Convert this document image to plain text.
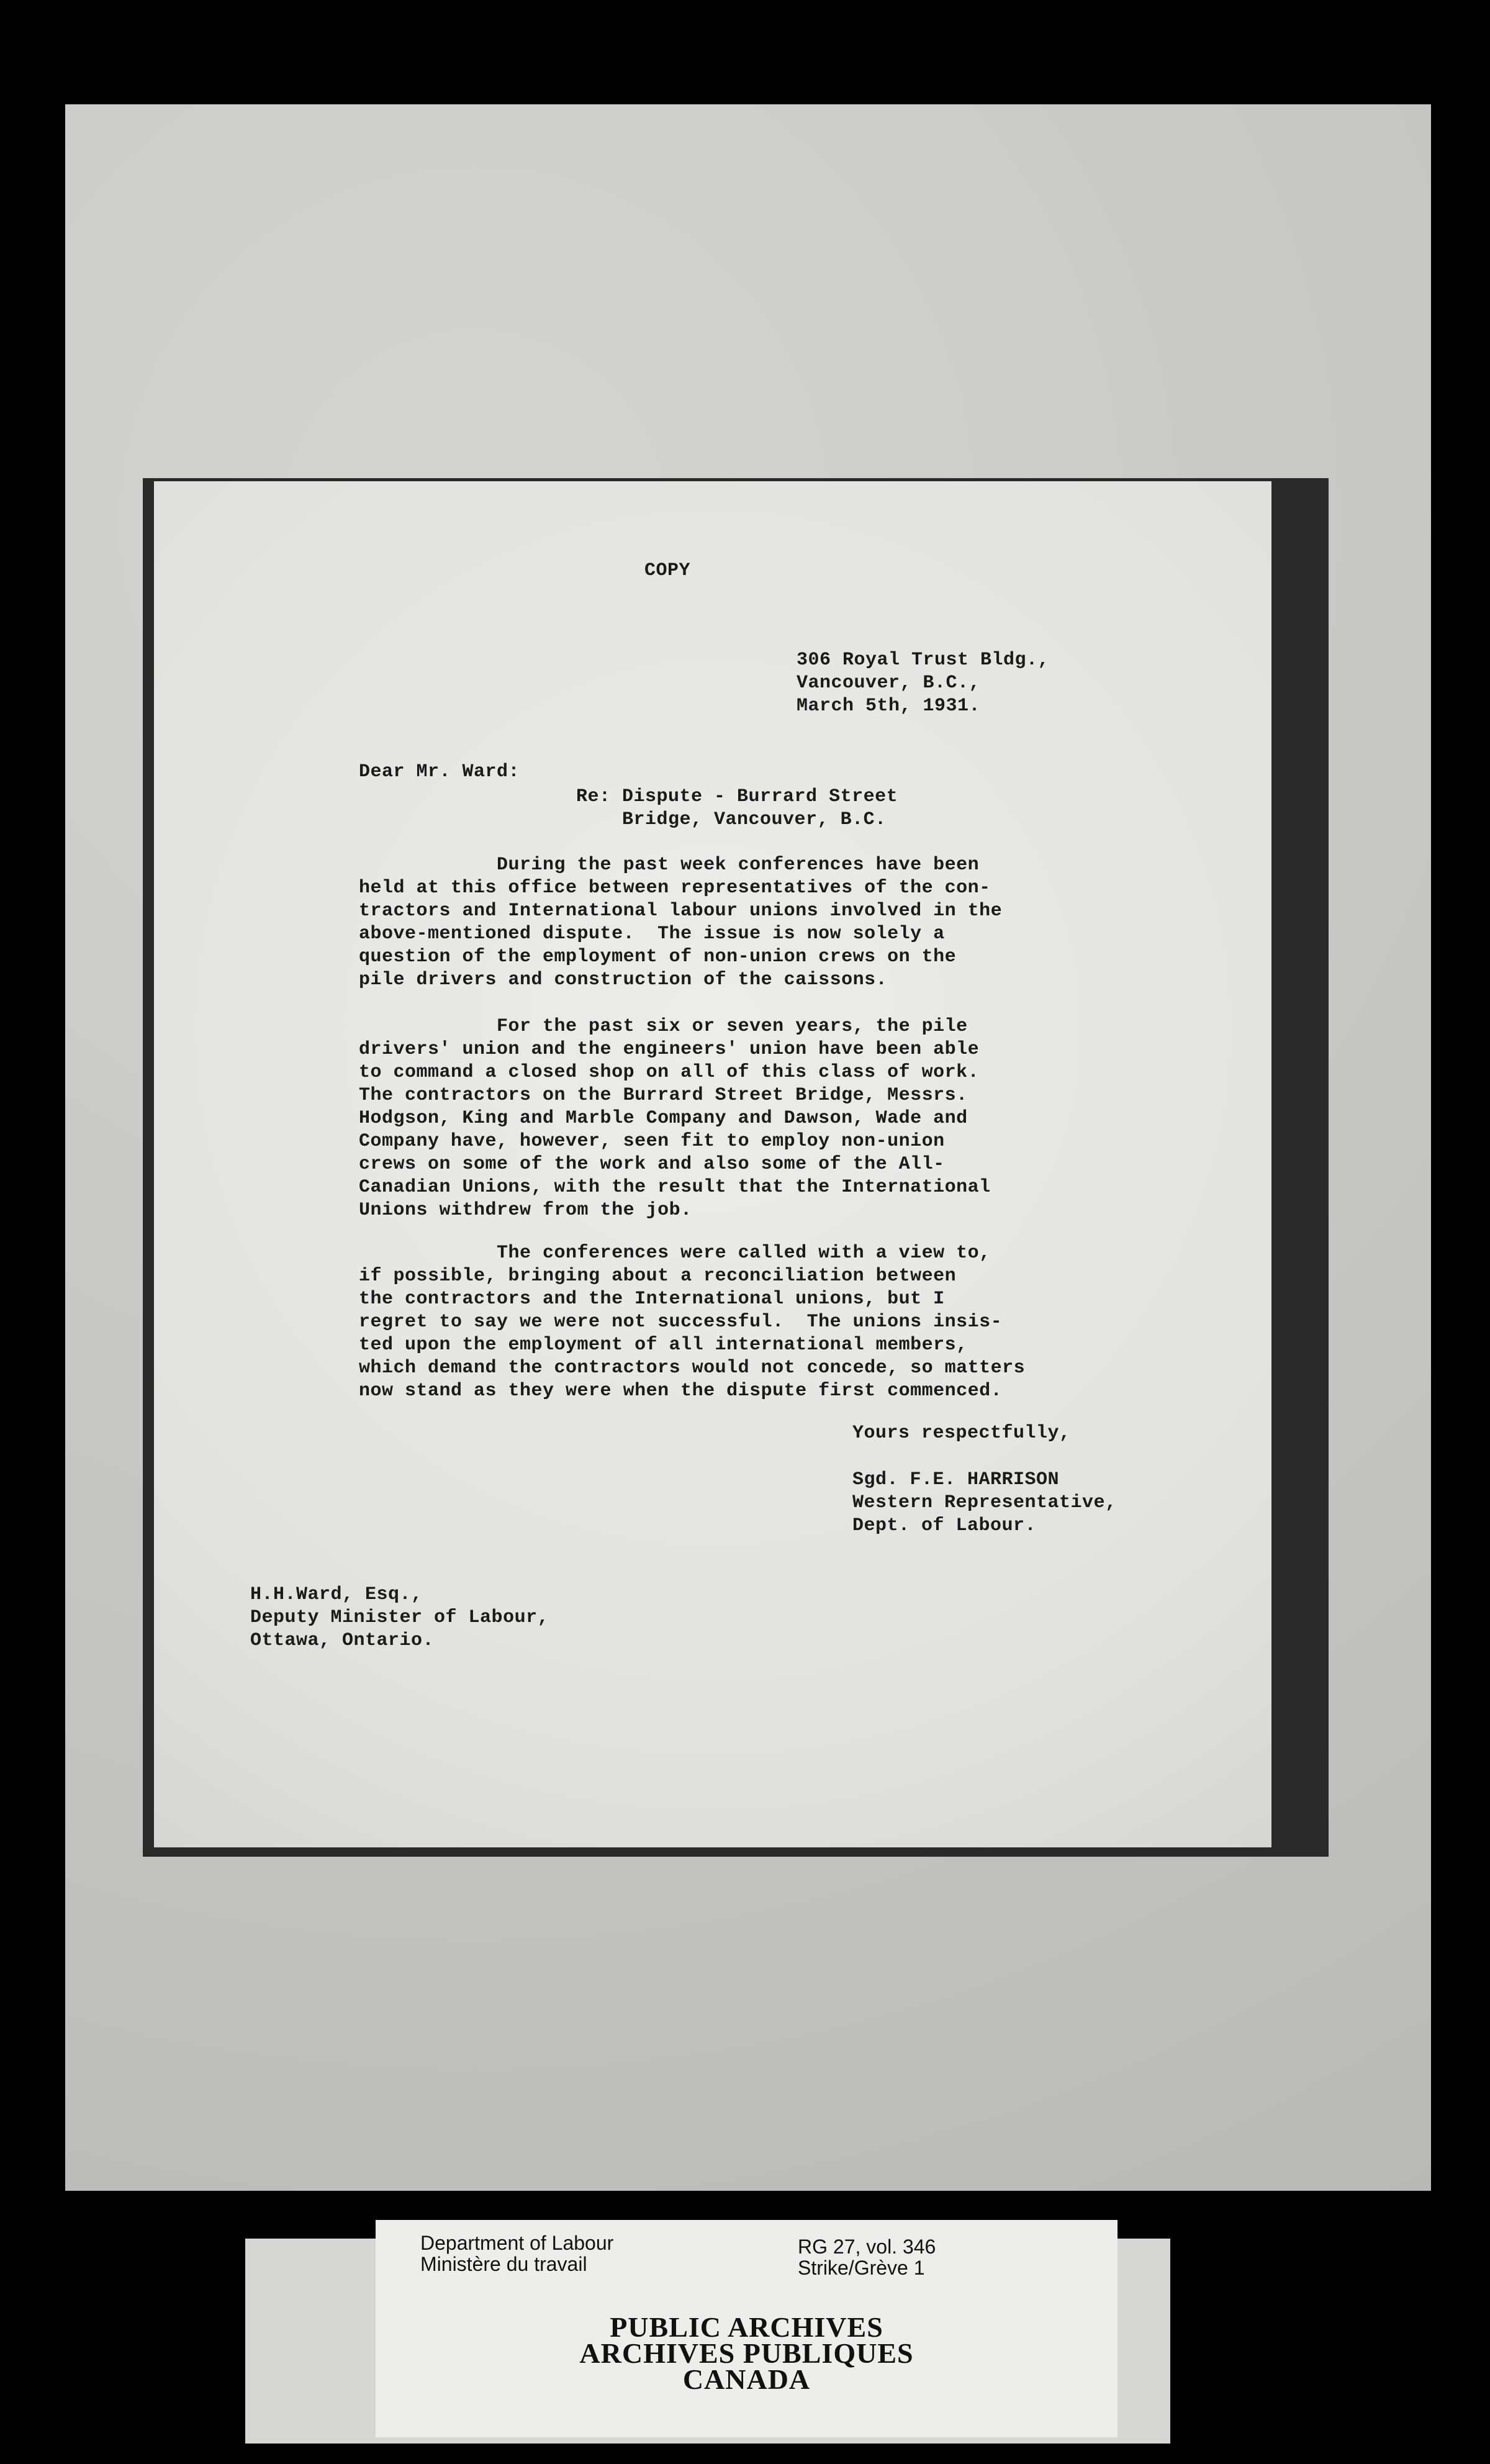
COPY

306 Royal Trust Bldg.,
Vancouver, B.C.,
March 5th, 1931.

Dear Mr. Ward:

Re: Dispute - Burrard Street
Bridge, Vancouver, B.C.

During the past week conferences have been
held at this office between representatives of the con-
tractors and International labour unions involved in the
above-mentioned dispute.  The issue is now solely a
question of the employment of non-union crews on the
pile drivers and construction of the caissons.

For the past six or seven years, the pile
drivers' union and the engineers' union have been able
to command a closed shop on all of this class of work.
The contractors on the Burrard Street Bridge, Messrs.
Hodgson, King and Marble Company and Dawson, Wade and
Company have, however, seen fit to employ non-union
crews on some of the work and also some of the All-
Canadian Unions, with the result that the International
Unions withdrew from the job.

The conferences were called with a view to,
if possible, bringing about a reconciliation between
the contractors and the International unions, but I
regret to say we were not successful.  The unions insis-
ted upon the employment of all international members,
which demand the contractors would not concede, so matters
now stand as they were when the dispute first commenced.

Yours respectfully,

Sgd. F.E. HARRISON
Western Representative,
Dept. of Labour.

H.H.Ward, Esq.,
Deputy Minister of Labour,
Ottawa, Ontario.

Department of Labour

Ministère du travail

RG 27, vol. 346

Strike/Grève 1

PUBLIC ARCHIVES

ARCHIVES PUBLIQUES

CANADA
